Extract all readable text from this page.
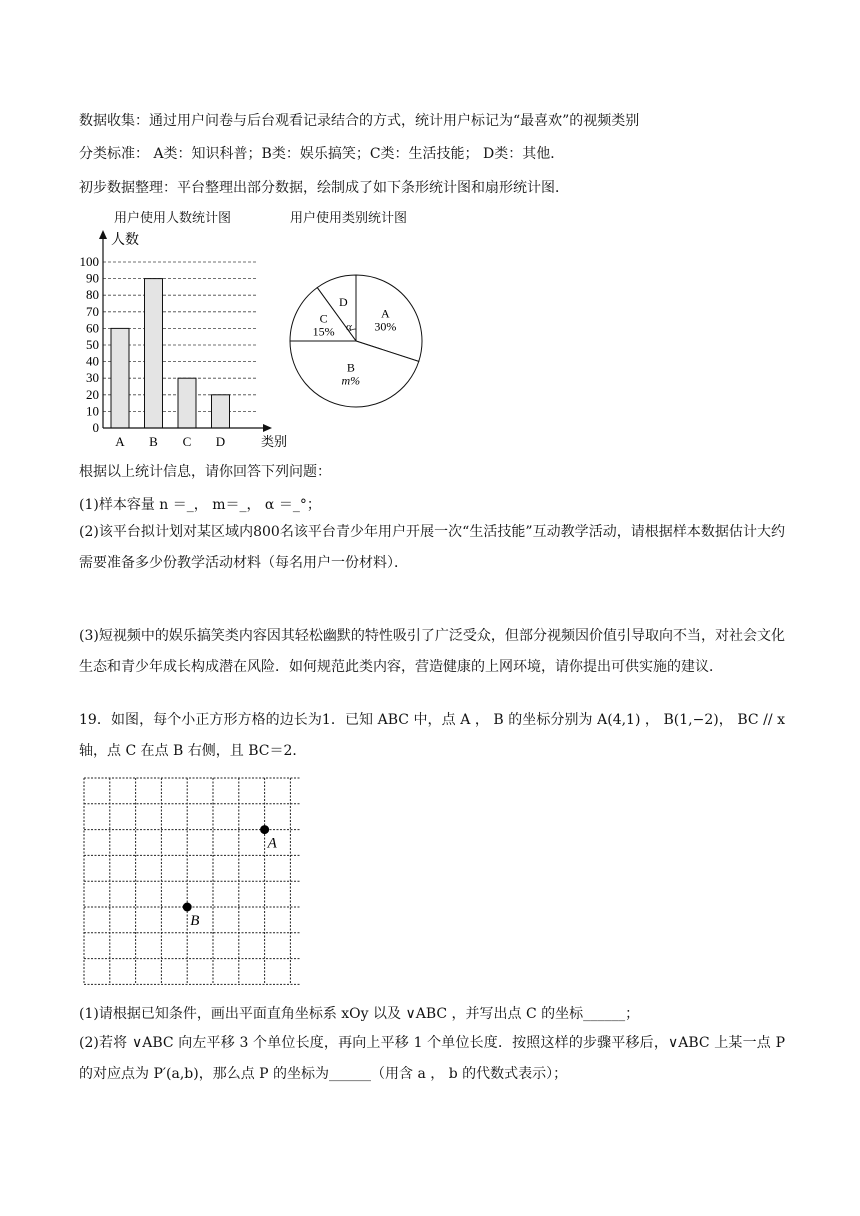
数据收集：通过用户问卷与后台观看记录结合的方式，统计用户标记为“最喜欢”的视频类别
分类标准： A类：知识科普；B类：娱乐搞笑；C类：生活技能； D类：其他．
初步数据整理：平台整理出部分数据，绘制成了如下条形统计图和扇形统计图．
用户使用人数统计图
0
10
20
30
40
50
60
70
80
90
100
A B C D
人数
类别
用户使用类别统计图
D
A
30%
B
m%
C
15% α
根据以上统计信息，请你回答下列问题：
(1)样本容量 n ＝_， m＝_， α ＝_°；
(2)该平台拟计划对某区域内800名该平台青少年用户开展一次“生活技能”互动教学活动，请根据样本数据估计大约需要准备多少份教学活动材料（每名用户一份材料）．
(3)短视频中的娱乐搞笑类内容因其轻松幽默的特性吸引了广泛受众，但部分视频因价值引导取向不当，对社会文化生态和青少年成长构成潜在风险．如何规范此类内容，营造健康的上网环境，请你提出可供实施的建议．
19．如图，每个小正方形方格的边长为1．已知 ABC 中，点 A ， B 的坐标分别为 A(4,1) ， B(1,−2)， BC // x 轴，点 C 在点 B 右侧，且 BC＝2．
A
B
(1)请根据已知条件，画出平面直角坐标系 xOy 以及 ∨ABC ，并写出点 C 的坐标______；
(2)若将 ∨ABC 向左平移 3 个单位长度，再向上平移 1 个单位长度．按照这样的步骤平移后，∨ABC 上某一点 P 的对应点为 P′(a,b)，那么点 P 的坐标为______（用含 a ， b 的代数式表示）；
